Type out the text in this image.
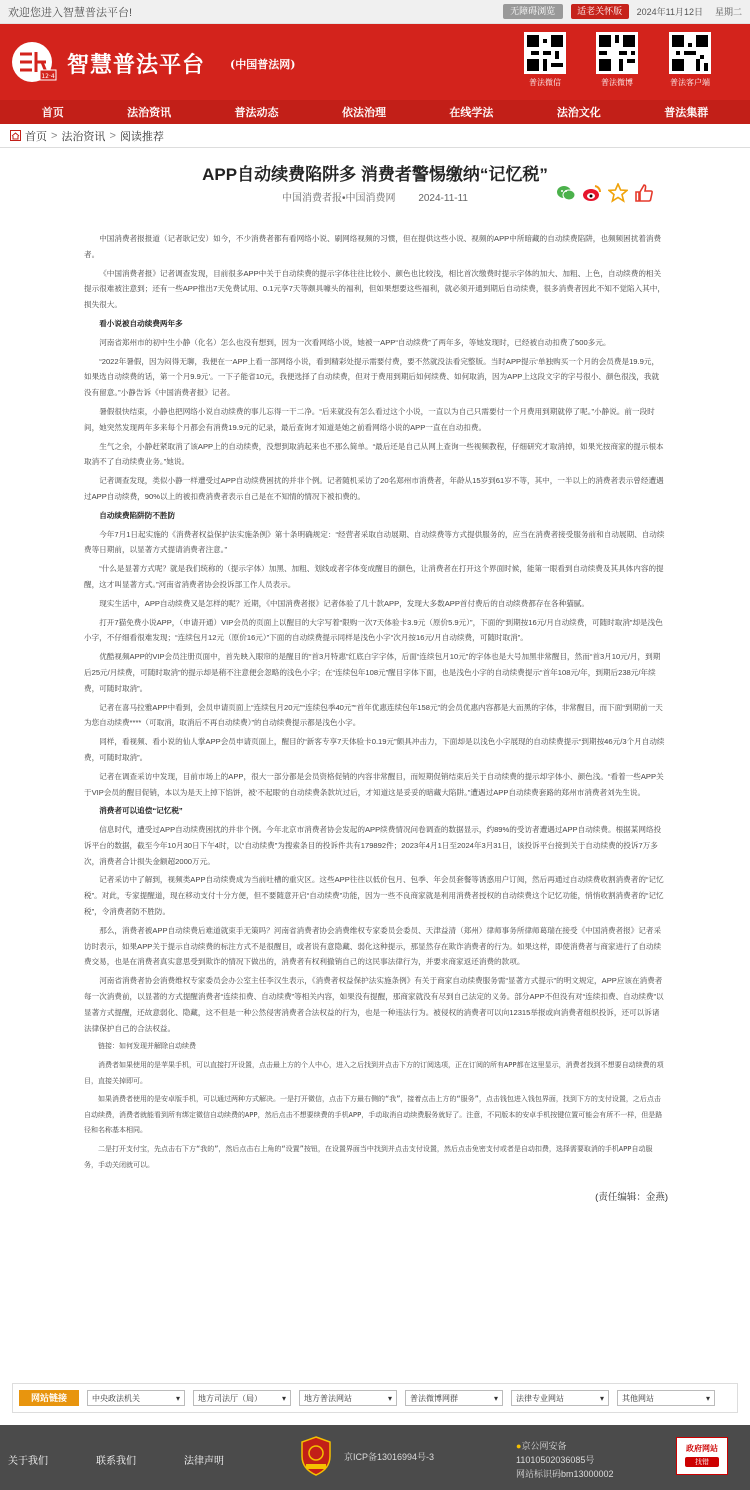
欢迎您进入智慧普法平台!	无障碍浏览	适老关怀版	2024年11月12日 星期二
12·4 智慧普法平台 (中国普法网)
普法微信	普法微博	普法客户端
首页	法治资讯	普法动态	依法治理	在线学法	法治文化	普法集群
首页 > 法治资讯 > 阅读推荐
APP自动续费陷阱多 消费者警惕缴纳“记忆税”
中国消费者报•中国消费网 2024-11-11

中国消费者报报道（记者耿记安）如今，不少消费者都有看网络小说、刷网络视频的习惯，但在提供这些小说、视频的APP中所暗藏的自动续费陷阱，也频频困扰着消费者。

《中国消费者报》记者调查发现，目前很多APP中关于自动续费的提示字体往往比较小、颜色也比较浅，相比首次缴费时提示字体的加大、加粗、上色，自动续费的相关提示很难被注意到；还有一些APP推出7天免费试用、0.1元享7天等颇具噱头的福利，但如果想要这些福利，就必须开通到期后自动续费，很多消费者因此不知不觉陷入其中，损失很大。

看小说被自动续费两年多

河南省郑州市的初中生小静（化名）怎么也没有想到，因为一次看网络小说，她被一APP“自动续费”了两年多，等她发现时，已经被自动扣费了500多元。

“2022年暑假，因为闷得无聊，我便在一APP上看一部网络小说，看到精彩处提示需要付费，要不然就没法看完整版。当时APP提示‘单独购买一个月的会员费是19.9元，如果选自动续费的话，第一个月9.9元’。一下子能省10元，我便选择了自动续费，但对于费用到期后如何续费、如何取消，因为APP上这段文字的字号很小、颜色很浅，我就没有留意。”小静告诉《中国消费者报》记者。

暑假很快结束，小静也把网络小说自动续费的事儿忘得一干二净。“后来就没有怎么看过这个小说，一直以为自己只需要付一个月费用到期就停了呢。”小静说。前一段时间，她突然发现两年多来每个月都会有消费19.9元的记录，最后查询才知道是她之前看网络小说的APP一直在自动扣费。

生气之余，小静赶紧取消了该APP上的自动续费，没想到取消起来也不那么简单。“最后还是自己从网上查询一些视频教程，仔细研究才取消掉，如果光按商家的提示根本取消不了自动续费业务。”她说。

记者调查发现，类似小静一样遭受过APP自动续费困扰的并非个例。记者随机采访了20名郑州市消费者，年龄从15岁到61岁不等，其中，一半以上的消费者表示曾经遭遇过APP自动续费，90%以上的被扣费消费者表示自己是在不知情的情况下被扣费的。

自动续费陷阱防不胜防

今年7月1日起实施的《消费者权益保护法实施条例》第十条明确规定：“经营者采取自动展期、自动续费等方式提供服务的，应当在消费者接受服务前和自动展期、自动续费等日期前，以显著方式提请消费者注意。”

“什么是显著方式呢？就是我们统称的（提示字体）加黑、加粗、划线或者字体变成醒目的颜色，让消费者在打开这个界面时候，能第一眼看到自动续费及其具体内容的提醒，这才叫显著方式。”河南省消费者协会投诉部工作人员表示。

现实生活中，APP自动续费又是怎样的呢？近期，《中国消费者报》记者体验了几十款APP，发现大多数APP首付费后的自动续费都存在各种猫腻。

打开7猫免费小说APP，（申请开通）VIP会员的页面上以醒目的大字写着“限购一次7天体验卡3.9元（原价5.9元）”，下面的“到期按16元/月自动续费，可随时取消”却是浅色小字，不仔细看很难发现；“连续包月12元（原价16元）”下面的自动续费提示同样是浅色小字“次月按16元/月自动续费，可随时取消”。

优酷视频APP的VIP会员注册页面中，首先映入眼帘的是醒目的“首3月特惠”红底白字字体，后面“连续包月10元”的字体也是大号加黑非常醒目，然而“首3月10元/月，到期后25元/月续费，可随时取消”的提示却是稍不注意便会忽略的浅色小字；在“连续包年108元”醒目字体下面，也是浅色小字的自动续费提示“首年108元/年，到期后238元/年续费，可随时取消”。

记者在喜马拉雅APP中看到，会员申请页面上“连续包月20元”“连续包季40元”“首年优惠连续包年158元”的会员优惠内容都是大而黑的字体，非常醒目，而下面“到期前一天为您自动续费****（可取消，取消后不再自动续费）”的自动续费提示都是浅色小字。

同样，看视频、看小说的仙人掌APP会员申请页面上，醒目的“新客专享7天体验卡0.19元”颇具冲击力，下面却是以浅色小字展现的自动续费提示“到期按46元/3个月自动续费，可随时取消”。

记者在调查采访中发现，目前市场上的APP，很大一部分都是会员资格促销的内容非常醒目，而短期促销结束后关于自动续费的提示却字体小、颜色浅。“看着一些APP关于VIP会员的醒目促销，本以为是天上掉下馅饼，被‘不起眼’的自动续费条款坑过后，才知道这是妥妥的暗藏大陷阱。”遭遇过APP自动续费套路的郑州市消费者刘先生说。

消费者可以追偿“记忆税”

信息时代，遭受过APP自动续费困扰的并非个例。今年北京市消费者协会发起的APP续费情况问卷调查的数据显示，约89%的受访者遭遇过APP自动续费。根据某网络投诉平台的数据，截至今年10月30日下午4时，以“自动续费”为搜索条目的投诉件共有179892件；2023年4月1日至2024年3月31日，该投诉平台接到关于自动续费的投诉7万多次，消费者合计损失金额超2000万元。

记者采访中了解到，视频类APP自动续费成为当前吐槽的重灾区。这些APP往往以低价包月、包季、年会员套餐等诱惑用户订阅，然后再通过自动续费收割消费者的“记忆税”。对此，专家提醒道，现在移动支付十分方便，但不要随意开启“自动续费”功能，因为一些不良商家就是利用消费者授权的自动续费这个记忆功能，悄悄收割消费者的“记忆税”，令消费者防不胜防。

那么，消费者被APP自动续费后难道就束手无策吗？河南省消费者协会消费维权专家委员会委员、天津益清（郑州）律师事务所律师葛瑞在接受《中国消费者报》记者采访时表示，如果APP关于提示自动续费的标注方式不是很醒目，或者说有意隐藏、弱化这种提示，那显然存在欺诈消费者的行为。如果这样，即使消费者与商家进行了自动续费交易，也是在消费者真实意思受到欺诈的情况下做出的，消费者有权利撤销自己的这民事法律行为，并要求商家返还消费的款项。

河南省消费者协会消费维权专家委员会办公室主任李汉生表示，《消费者权益保护法实施条例》有关于商家自动续费服务需“显著方式提示”的明文规定，APP应该在消费者每一次消费前，以显著的方式提醒消费者“连续扣费、自动续费”等相关内容，如果没有提醒，那商家就没有尽到自己法定的义务。部分APP不但没有对“连续扣费、自动续费”以显著方式提醒，还故意弱化、隐藏，这不但是一种公然侵害消费者合法权益的行为，也是一种违法行为。被侵权的消费者可以向12315举报或向消费者组织投诉，还可以诉诸法律保护自己的合法权益。

链接：如何发现并解除自动续费

消费者如果使用的是苹果手机，可以直接打开设置，点击最上方的个人中心，进入之后找到并点击下方的订阅选项，正在订阅的所有APP都在这里显示，消费者找到不想要自动续费的项目，直接关掉即可。

如果消费者使用的是安卓版手机，可以通过两种方式解决。一是打开微信，点击下方最右侧的“我”，接着点击上方的“服务”，点击钱包进入钱包界面，找到下方的支付设置，之后点击自动续费，消费者就能看到所有绑定微信自动续费的APP，然后点击不想要续费的手机APP，手动取消自动续费服务就好了。注意，不同版本的安卓手机按键位置可能会有所不一样，但是路径和名称基本相同。

二是打开支付宝，先点击右下方“我的”，然后点击右上角的“设置”按钮，在设置界面当中找到并点击支付设置，然后点击免密支付或者是自动扣费，选择需要取消的手机APP自动服务，手动关闭就可以。

(责任编辑：金燕)
网站链接	中央政法机关	▾ 地方司法厅（局） ▾ 地方普法网站	▾ 普法微博网群	▾ 法律专业网站	▾ 其他网站	▾
关于我们	联系我们	法律声明	京ICP备13016994号-3
●京公网安备
11010502036085号
网站标识码bm13000002
政府网站
找错
